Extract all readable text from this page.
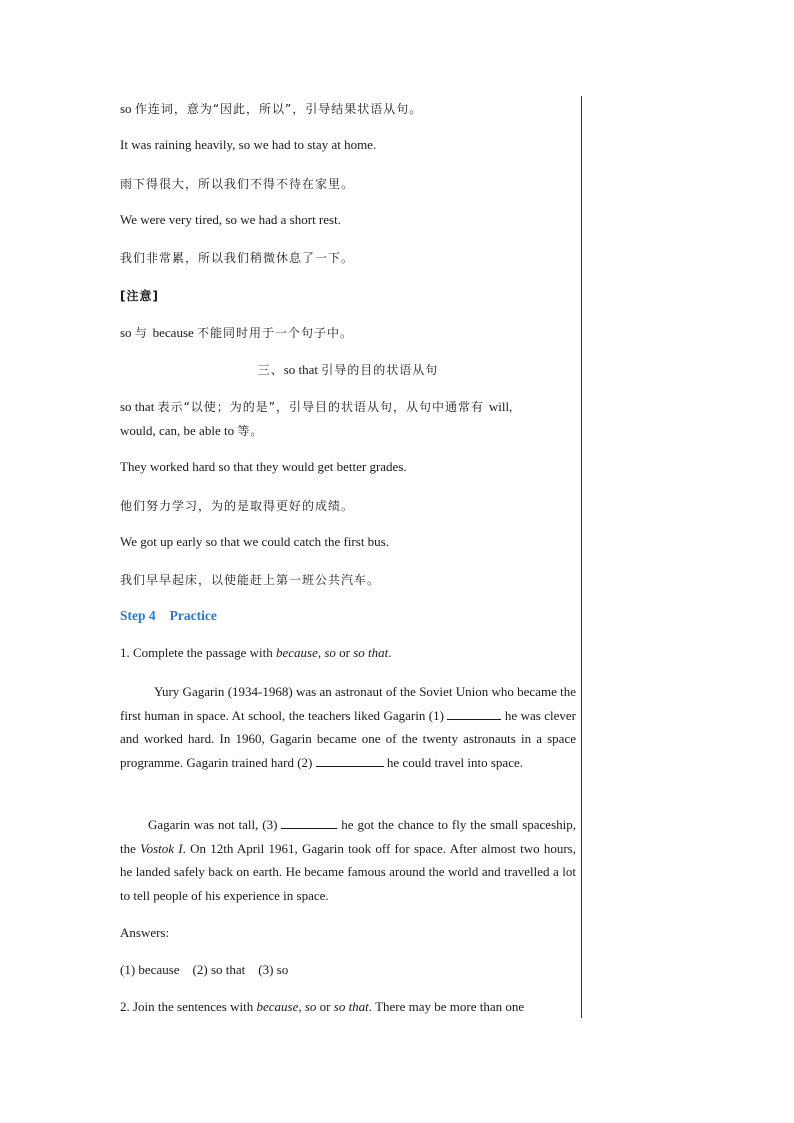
so 作连词，意为“因此，所以”，引导结果状语从句。
It was raining heavily, so we had to stay at home.
雨下得很大，所以我们不得不待在家里。
We were very tired, so we had a short rest.
我们非常累，所以我们稍微休息了一下。
[注意]
so 与 because 不能同时用于一个句子中。
三、so that 引导的目的状语从句
so that 表示“以使；为的是”，引导目的状语从句，从句中通常有 will,
would, can, be able to 等。
They worked hard so that they would get better grades.
他们努力学习，为的是取得更好的成绩。
We got up early so that we could catch the first bus.
我们早早起床，以使能赶上第一班公共汽车。
Step 4 Practice
1. Complete the passage with because, so or so that.
Yury Gagarin (1934-1968) was an astronaut of the Soviet Union who became the first human in space. At school, the teachers liked Gagarin (1)	he was clever and worked hard. In 1960, Gagarin became one of the twenty astronauts in a space programme. Gagarin trained hard (2)	he could travel into space.
Gagarin was not tall, (3)	he got the chance to fly the small spaceship, the Vostok I. On 12th April 1961, Gagarin took off for space. After almost two hours, he landed safely back on earth. He became famous around the world and travelled a lot to tell people of his experience in space.
Answers:
(1) because    (2) so that    (3) so
2. Join the sentences with because, so or so that. There may be more than one
